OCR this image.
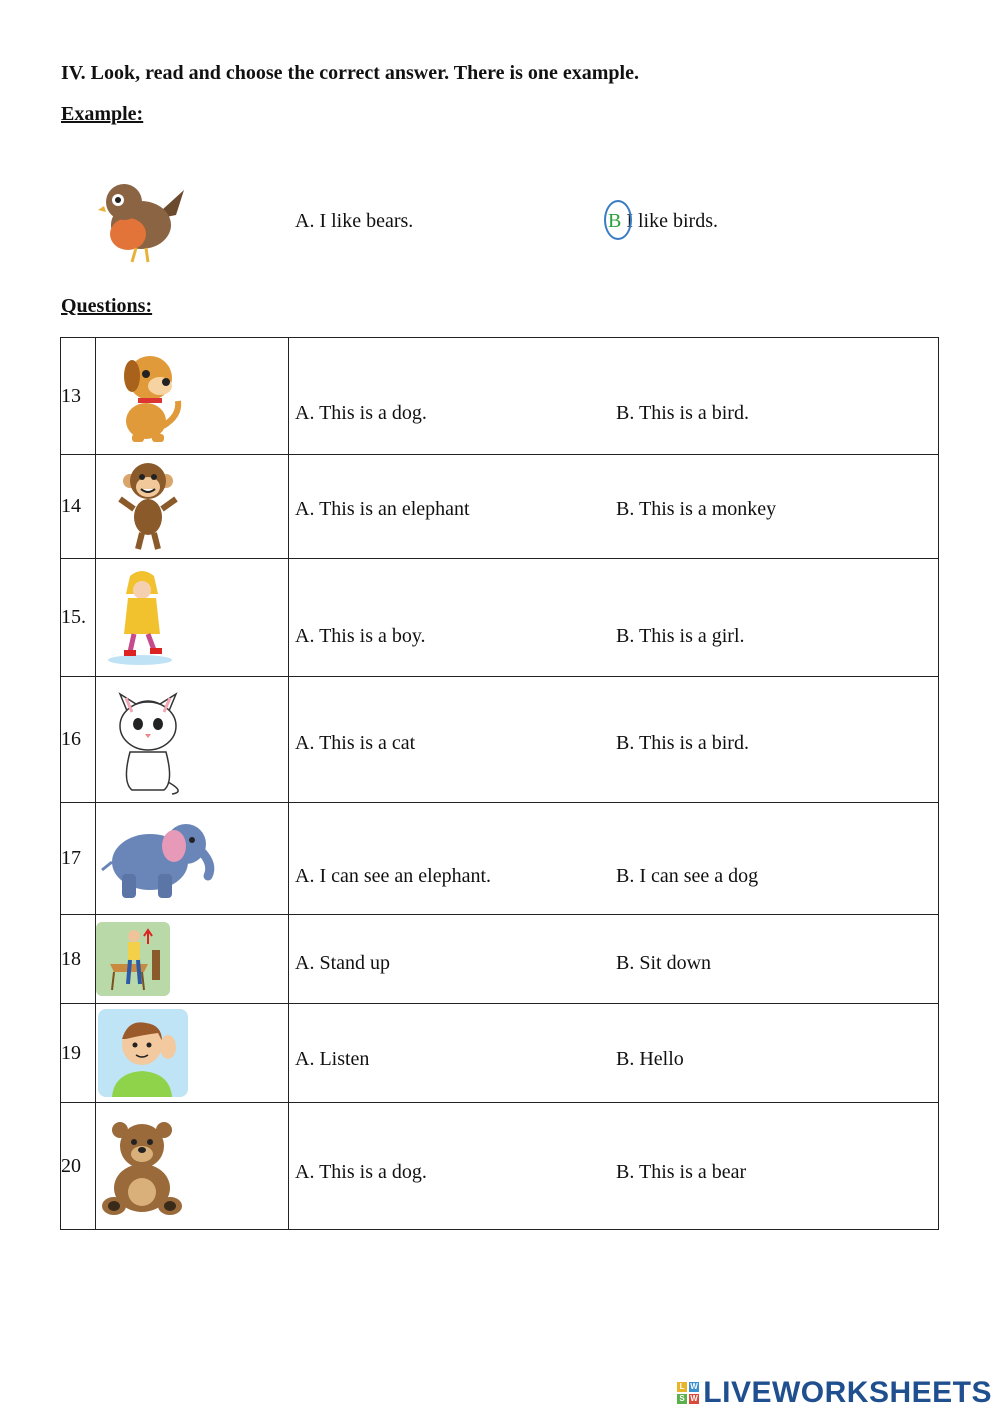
IV. Look, read and choose the correct answer. There is one example.
Example:
A. I like bears.	B I like birds.
Questions:
13		A. This is a dog. B. This is a bird.

14		A. This is an elephant B. This is a monkey

15.		A. This is a boy. B. This is a girl.

16		A. This is a cat B. This is a bird.

17		A. I can see an elephant. B. I can see a dog

18		A. Stand up B. Sit down

19		A. Listen B. Hello

20		A. This is a dog. B. This is a bear
L W
S W LIVEWORKSHEETS
